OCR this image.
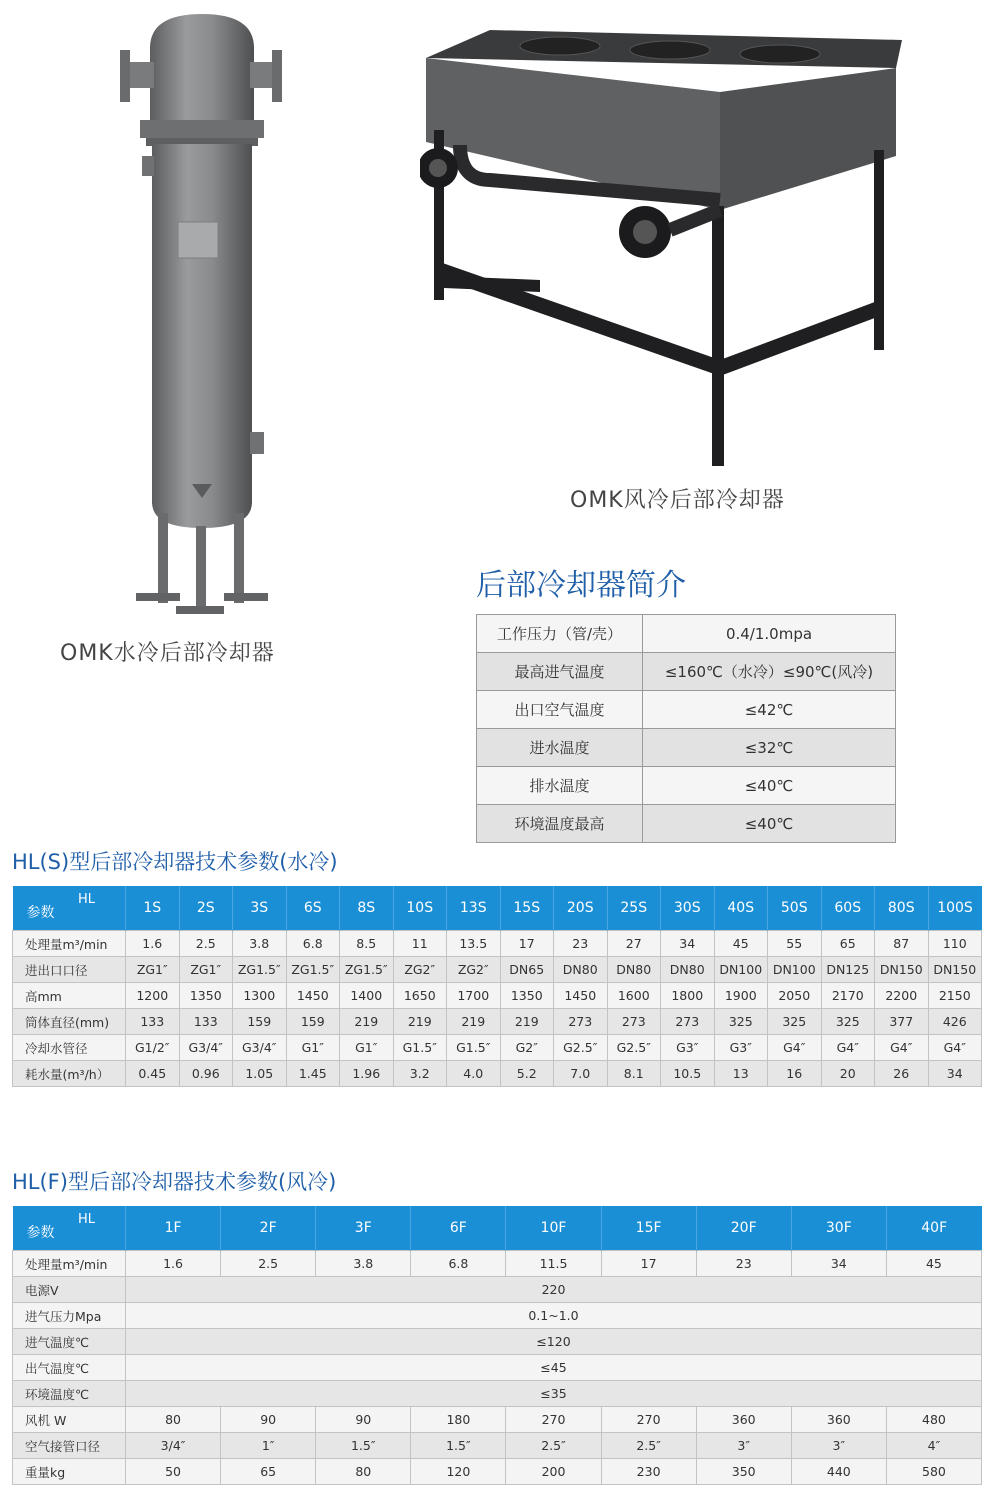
OMK水冷后部冷却器
OMK风冷后部冷却器
后部冷却器简介
工作压力（管/壳）	0.4/1.0mpa
最高进气温度	≤160℃（水冷）≤90℃(风冷)
出口空气温度	≤42℃
进水温度	≤32℃
排水温度	≤40℃
环境温度最高	≤40℃
HL(S)型后部冷却器技术参数(水冷)
HL
参数	1S	2S	3S	6S	8S	10S	13S	15S	20S	25S	30S	40S	50S	60S	80S	100S
处理量m³/min	1.6	2.5	3.8	6.8	8.5	11	13.5	17	23	27	34	45	55	65	87	110
进出口口径	ZG1″	ZG1″	ZG1.5″	ZG1.5″	ZG1.5″	ZG2″	ZG2″	DN65	DN80	DN80	DN80	DN100	DN100	DN125	DN150	DN150
高mm	1200	1350	1300	1450	1400	1650	1700	1350	1450	1600	1800	1900	2050	2170	2200	2150
筒体直径(mm)	133	133	159	159	219	219	219	219	273	273	273	325	325	325	377	426
冷却水管径	G1/2″	G3/4″	G3/4″	G1″	G1″	G1.5″	G1.5″	G2″	G2.5″	G2.5″	G3″	G3″	G4″	G4″	G4″	G4″
耗水量(m³/h）	0.45	0.96	1.05	1.45	1.96	3.2	4.0	5.2	7.0	8.1	10.5	13	16	20	26	34
HL(F)型后部冷却器技术参数(风冷)
HL
参数	1F	2F	3F	6F	10F	15F	20F	30F	40F
处理量m³/min	1.6	2.5	3.8	6.8	11.5	17	23	34	45
电源V	220								
进气压力Mpa	0.1~1.0								
进气温度℃	≤120								
出气温度℃	≤45								
环境温度℃	≤35								
风机 W	80	90	90	180	270	270	360	360	480
空气接管口径	3/4″	1″	1.5″	1.5″	2.5″	2.5″	3″	3″	4″
重量kg	50	65	80	120	200	230	350	440	580
